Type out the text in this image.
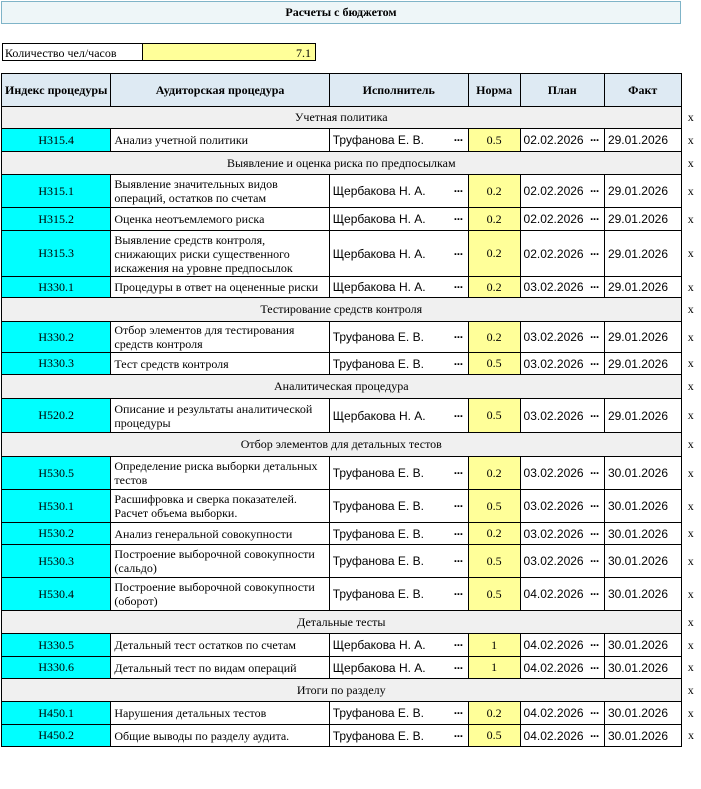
Расчеты с бюджетом
Количество чел/часов	7.1
Индекс процедуры	Аудиторская процедура	Исполнитель	Норма	План	Факт	
Учетная политика						x
H315.4	Анализ учетной политики	Труфанова Е. В. ···	0.5	02.02.2026 ···	29.01.2026	x
Выявление и оценка риска по предпосылкам						x
H315.1	Выявление значительных видов операций, остатков по счетам	Щербакова Н. А. ···	0.2	02.02.2026 ···	29.01.2026	x
H315.2	Оценка неотъемлемого риска	Щербакова Н. А. ···	0.2	02.02.2026 ···	29.01.2026	x
H315.3	Выявление средств контроля, снижающих риски существенного искажения на уровне предпосылок	Щербакова Н. А. ···	0.2	02.02.2026 ···	29.01.2026	x
H330.1	Процедуры в ответ на оцененные риски	Щербакова Н. А. ···	0.2	03.02.2026 ···	29.01.2026	x
Тестирование средств контроля						x
H330.2	Отбор элементов для тестирования средств контроля	Труфанова Е. В. ···	0.2	03.02.2026 ···	29.01.2026	x
H330.3	Тест средств контроля	Труфанова Е. В. ···	0.5	03.02.2026 ···	29.01.2026	x
Аналитическая процедура						x
H520.2	Описание и результаты аналитической процедуры	Щербакова Н. А. ···	0.5	03.02.2026 ···	29.01.2026	x
Отбор элементов для детальных тестов						x
H530.5	Определение риска выборки детальных тестов	Труфанова Е. В. ···	0.2	03.02.2026 ···	30.01.2026	x
H530.1	Расшифровка и сверка показателей. Расчет объема выборки.	Труфанова Е. В. ···	0.5	03.02.2026 ···	30.01.2026	x
H530.2	Анализ генеральной совокупности	Труфанова Е. В. ···	0.2	03.02.2026 ···	30.01.2026	x
H530.3	Построение выборочной совокупности (сальдо)	Труфанова Е. В. ···	0.5	03.02.2026 ···	30.01.2026	x
H530.4	Построение выборочной совокупности (оборот)	Труфанова Е. В. ···	0.5	04.02.2026 ···	30.01.2026	x
Детальные тесты						x
H330.5	Детальный тест остатков по счетам	Щербакова Н. А. ···	1	04.02.2026 ···	30.01.2026	x
H330.6	Детальный тест по видам операций	Щербакова Н. А. ···	1	04.02.2026 ···	30.01.2026	x
Итоги по разделу						x
H450.1	Нарушения детальных тестов	Труфанова Е. В. ···	0.2	04.02.2026 ···	30.01.2026	x
H450.2	Общие выводы по разделу аудита.	Труфанова Е. В. ···	0.5	04.02.2026 ···	30.01.2026	x
